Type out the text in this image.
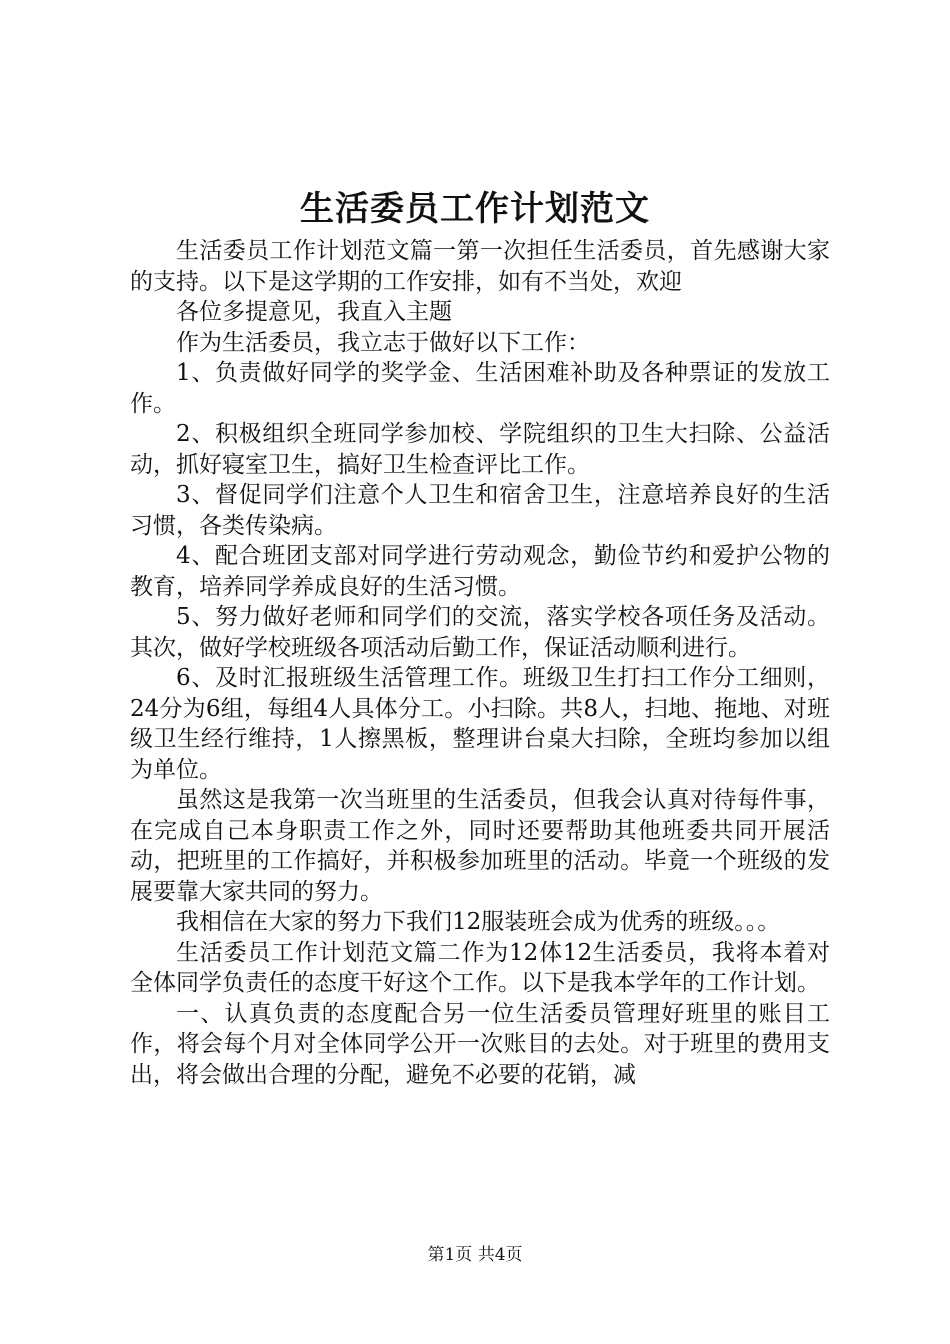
生活委员工作计划范文

生活委员工作计划范文篇一第一次担任生活委员，首先感谢大家的支持。以下是这学期的工作安排，如有不当处，欢迎

各位多提意见，我直入主题

作为生活委员，我立志于做好以下工作：

1、负责做好同学的奖学金、生活困难补助及各种票证的发放工作。

2、积极组织全班同学参加校、学院组织的卫生大扫除、公益活动，抓好寝室卫生，搞好卫生检查评比工作。

3、督促同学们注意个人卫生和宿舍卫生，注意培养良好的生活习惯，各类传染病。

4、配合班团支部对同学进行劳动观念，勤俭节约和爱护公物的教育，培养同学养成良好的生活习惯。

5、努力做好老师和同学们的交流，落实学校各项任务及活动。其次，做好学校班级各项活动后勤工作，保证活动顺利进行。

6、及时汇报班级生活管理工作。班级卫生打扫工作分工细则，24分为6组，每组4人具体分工。小扫除。共8人，扫地、拖地、对班级卫生经行维持，1人擦黑板，整理讲台桌大扫除，全班均参加以组为单位。

虽然这是我第一次当班里的生活委员，但我会认真对待每件事，在完成自己本身职责工作之外，同时还要帮助其他班委共同开展活动，把班里的工作搞好，并积极参加班里的活动。毕竟一个班级的发展要靠大家共同的努力。

我相信在大家的努力下我们12服装班会成为优秀的班级。。。

生活委员工作计划范文篇二作为12体12生活委员，我将本着对全体同学负责任的态度干好这个工作。以下是我本学年的工作计划。

一、认真负责的态度配合另一位生活委员管理好班里的账目工作，将会每个月对全体同学公开一次账目的去处。对于班里的费用支出，将会做出合理的分配，避免不必要的花销，减

第1页 共4页
